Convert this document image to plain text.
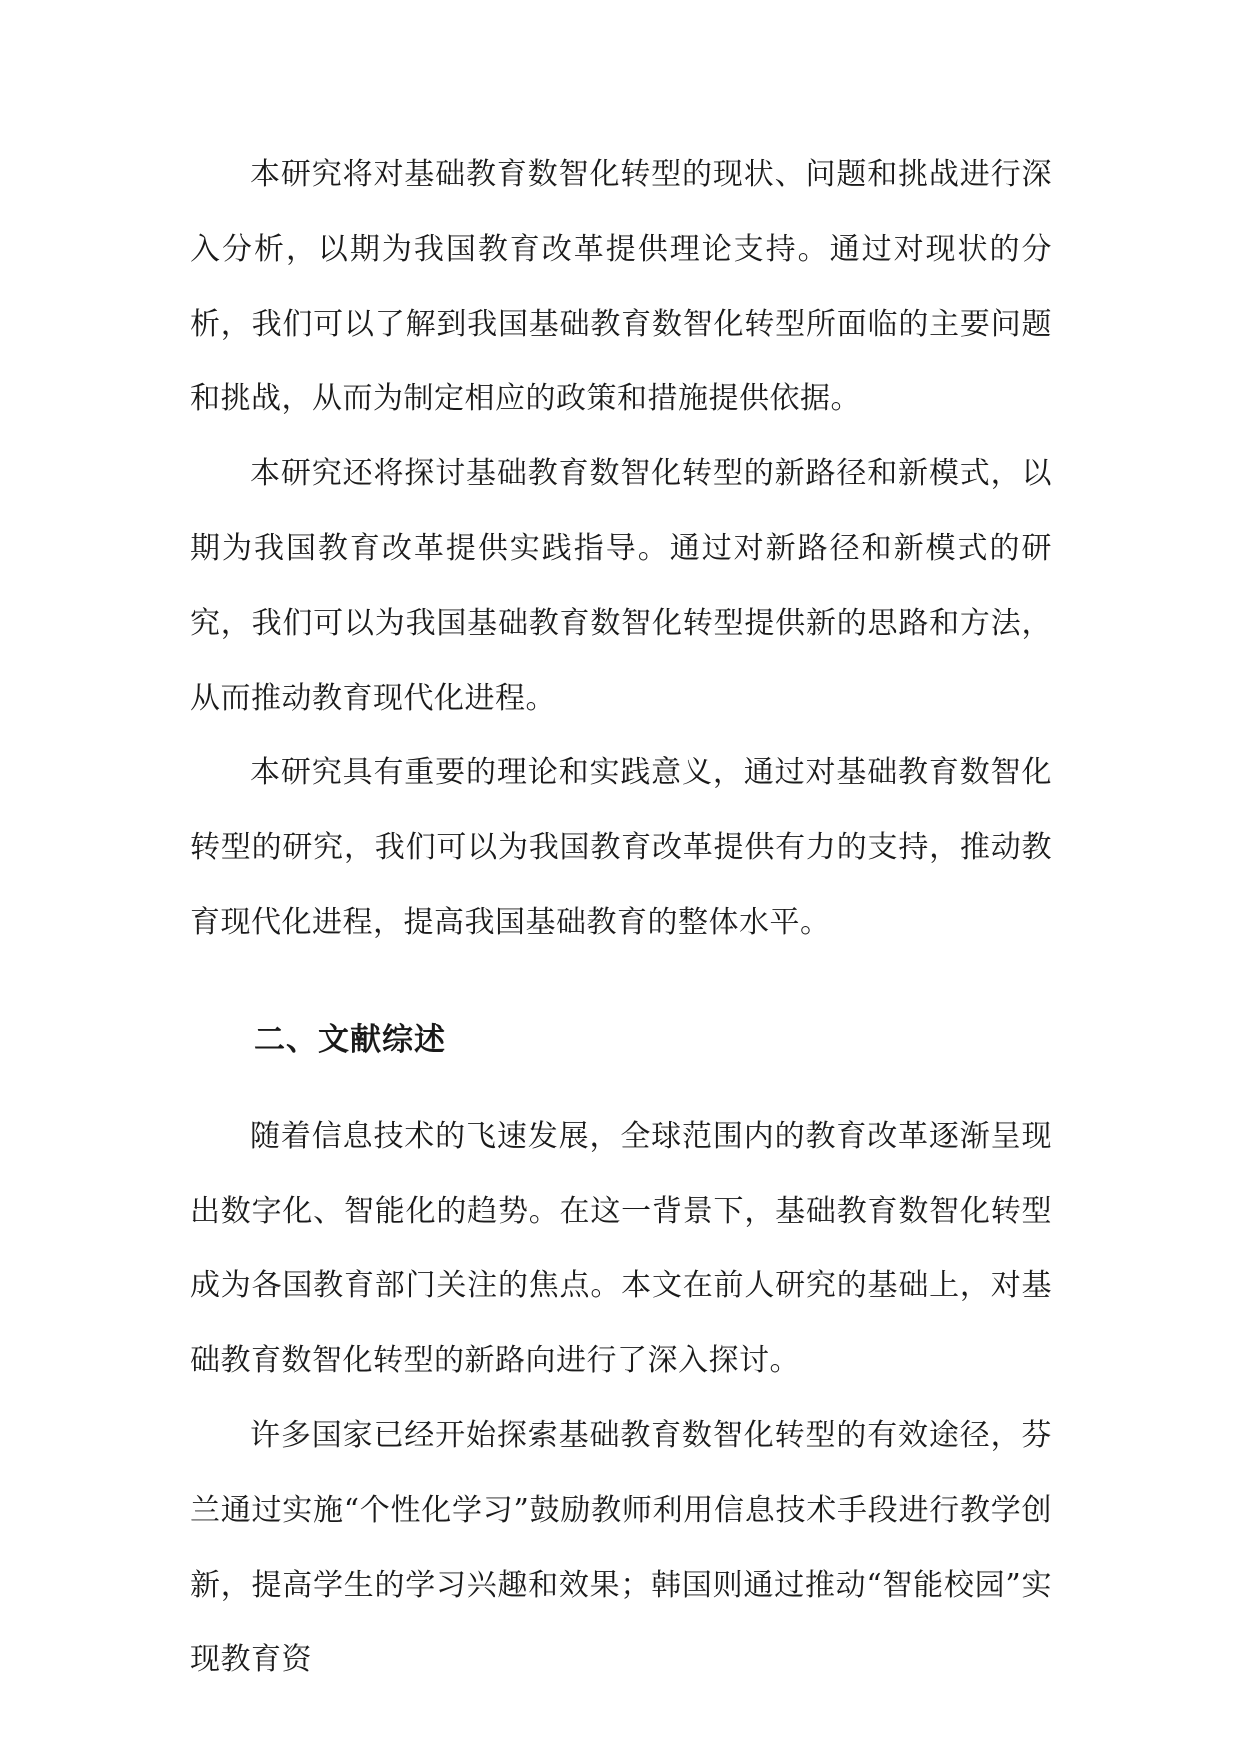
本研究将对基础教育数智化转型的现状、问题和挑战进行深入分析，以期为我国教育改革提供理论支持。通过对现状的分析，我们可以了解到我国基础教育数智化转型所面临的主要问题和挑战，从而为制定相应的政策和措施提供依据。

本研究还将探讨基础教育数智化转型的新路径和新模式，以期为我国教育改革提供实践指导。通过对新路径和新模式的研究，我们可以为我国基础教育数智化转型提供新的思路和方法，从而推动教育现代化进程。

本研究具有重要的理论和实践意义，通过对基础教育数智化转型的研究，我们可以为我国教育改革提供有力的支持，推动教育现代化进程，提高我国基础教育的整体水平。

二、文献综述

随着信息技术的飞速发展，全球范围内的教育改革逐渐呈现出数字化、智能化的趋势。在这一背景下，基础教育数智化转型成为各国教育部门关注的焦点。本文在前人研究的基础上，对基础教育数智化转型的新路向进行了深入探讨。

许多国家已经开始探索基础教育数智化转型的有效途径，芬兰通过实施“个性化学习”鼓励教师利用信息技术手段进行教学创新，提高学生的学习兴趣和效果；韩国则通过推动“智能校园”实现教育资
